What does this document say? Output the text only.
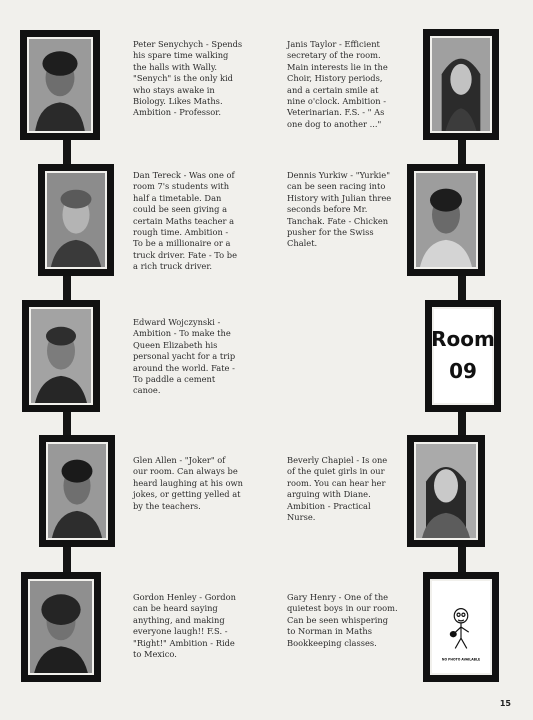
Room
09
NO PHOTO AVAILABLE
Peter Senychych - Spends
his spare time walking
the halls with Wally.
"Senych" is the only kid
who stays awake in
Biology. Likes Maths.
Ambition - Professor.
Janis Taylor - Efficient
secretary of the room.
Main interests lie in the
Choir, History periods,
and a certain smile at
nine o'clock. Ambition -
Veterinarian. F.S. - " As
one dog to another ..."
Dan Tereck - Was one of
room 7's students with
half a timetable. Dan
could be seen giving a
certain Maths teacher a
rough time. Ambition -
To be a millionaire or a
truck driver. Fate - To be
a rich truck driver.
Dennis Yurkiw - "Yurkie"
can be seen racing into
History with Julian three
seconds before Mr.
Tanchak. Fate - Chicken
pusher for the Swiss
Chalet.
Edward Wojczynski -
Ambition - To make the
Queen Elizabeth his
personal yacht for a trip
around the world. Fate -
To paddle a cement
canoe.
Glen Allen - "Joker" of
our room. Can always be
heard laughing at his own
jokes, or getting yelled at
by the teachers.
Beverly Chapiel - Is one
of the quiet girls in our
room. You can hear her
arguing with Diane.
Ambition - Practical
Nurse.
Gordon Henley - Gordon
can be heard saying
anything, and making
everyone laugh!! F.S. -
"Right!" Ambition - Ride
to Mexico.
Gary Henry - One of the
quietest boys in our room.
Can be seen whispering
to Norman in Maths
Bookkeeping classes.
15
